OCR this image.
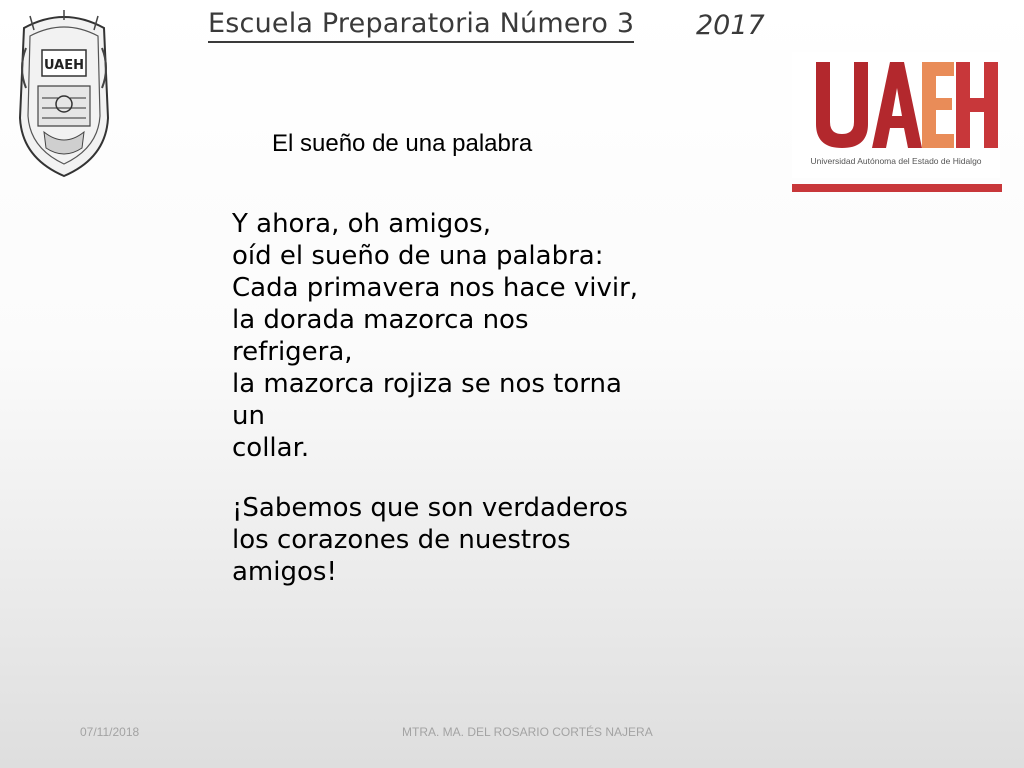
UAEH
Escuela Preparatoria Número 3 2017
Universidad Autónoma del Estado de Hidalgo
El sueño de una palabra

Y ahora, oh amigos,
oíd el sueño de una palabra:
Cada primavera nos hace vivir,
la dorada mazorca nos refrigera,
la mazorca rojiza se nos torna un
collar.

¡Sabemos que son verdaderos
los corazones de nuestros
amigos!

07/11/2018	MTRA. MA. DEL ROSARIO CORTÉS NAJERA
